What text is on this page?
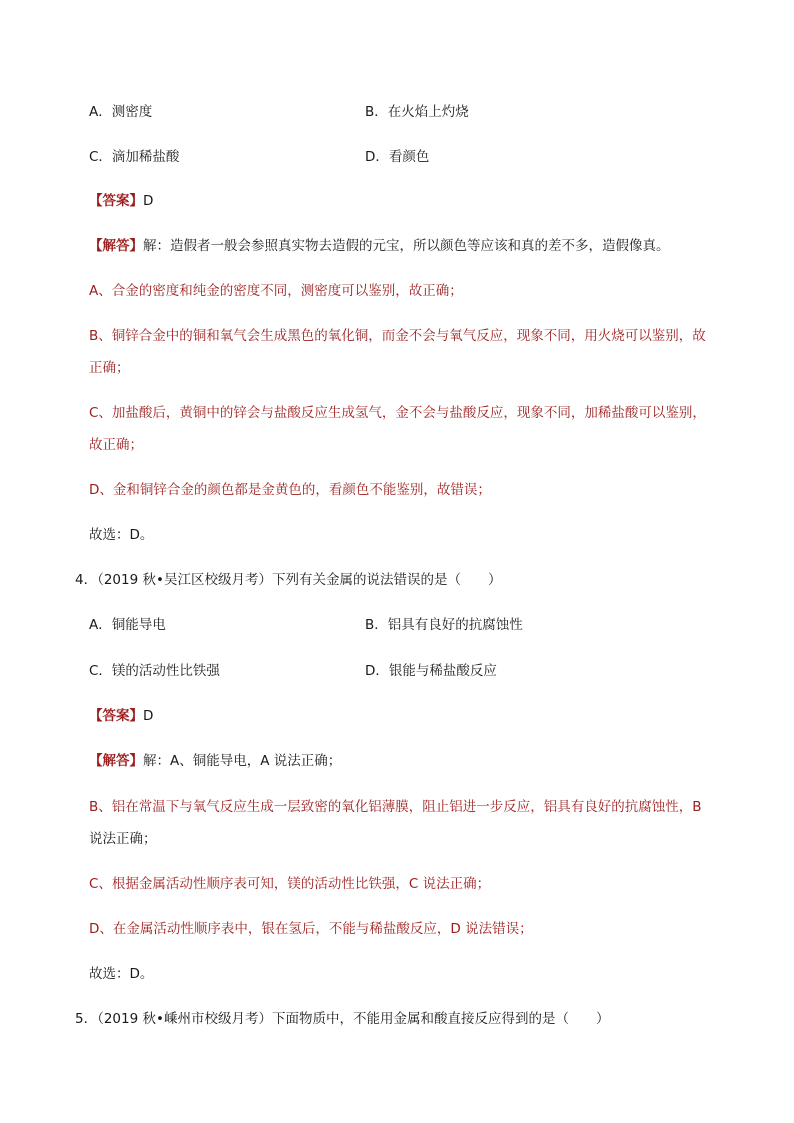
A．测密度	B．在火焰上灼烧
C．滴加稀盐酸	D．看颜色
【答案】D
【解答】解：造假者一般会参照真实物去造假的元宝，所以颜色等应该和真的差不多，造假像真。
A、合金的密度和纯金的密度不同，测密度可以鉴别，故正确；
B、铜锌合金中的铜和氧气会生成黑色的氧化铜，而金不会与氧气反应，现象不同，用火烧可以鉴别，故
正确；
C、加盐酸后，黄铜中的锌会与盐酸反应生成氢气，金不会与盐酸反应，现象不同，加稀盐酸可以鉴别，
故正确；
D、金和铜锌合金的颜色都是金黄色的，看颜色不能鉴别，故错误；
故选：D。
4．（2019 秋•吴江区校级月考）下列有关金属的说法错误的是（　　）
A．铜能导电	B．铝具有良好的抗腐蚀性
C．镁的活动性比铁强	D．银能与稀盐酸反应
【答案】D
【解答】解：A、铜能导电，A 说法正确；
B、铝在常温下与氧气反应生成一层致密的氧化铝薄膜，阻止铝进一步反应，铝具有良好的抗腐蚀性，B
说法正确；
C、根据金属活动性顺序表可知，镁的活动性比铁强，C 说法正确；
D、在金属活动性顺序表中，银在氢后，不能与稀盐酸反应，D 说法错误；
故选：D。
5．（2019 秋•嵊州市校级月考）下面物质中，不能用金属和酸直接反应得到的是（　　）
